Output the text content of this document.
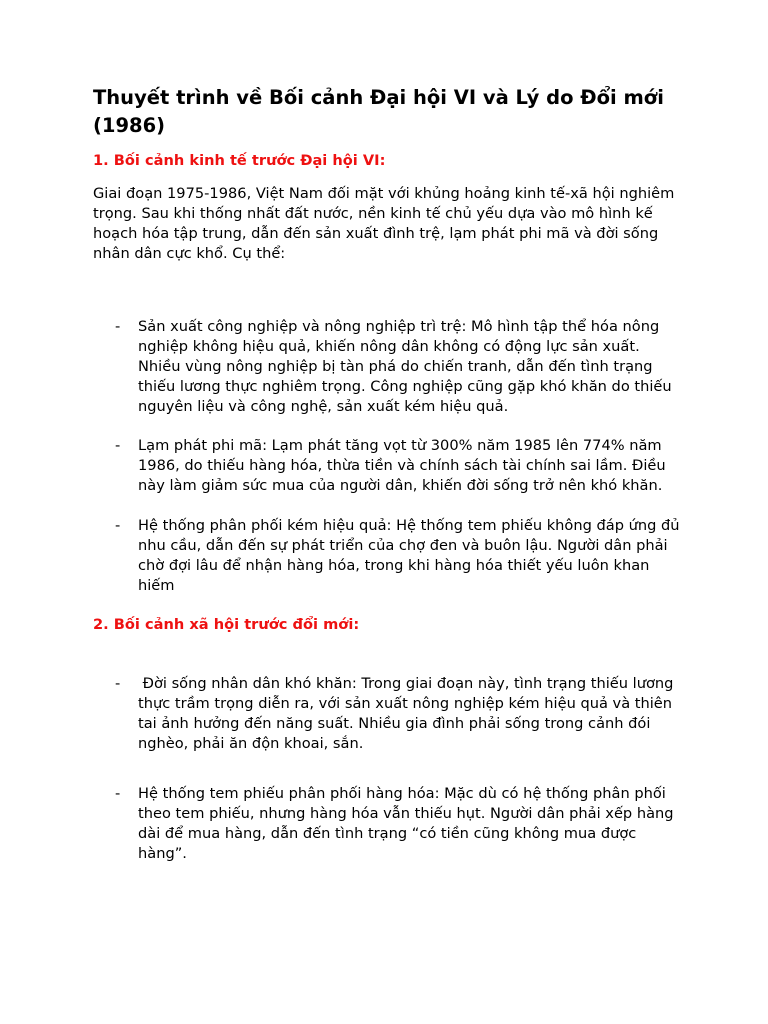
Thuyết trình về Bối cảnh Đại hội VI và Lý do Đổi mới (1986)
1. Bối cảnh kinh tế trước Đại hội VI:

Giai đoạn 1975-1986, Việt Nam đối mặt với khủng hoảng kinh tế-xã hội nghiêm trọng. Sau khi thống nhất đất nước, nền kinh tế chủ yếu dựa vào mô hình kế hoạch hóa tập trung, dẫn đến sản xuất đình trệ, lạm phát phi mã và đời sống nhân dân cực khổ. Cụ thể:

- Sản xuất công nghiệp và nông nghiệp trì trệ: Mô hình tập thể hóa nông nghiệp không hiệu quả, khiến nông dân không có động lực sản xuất. Nhiều vùng nông nghiệp bị tàn phá do chiến tranh, dẫn đến tình trạng thiếu lương thực nghiêm trọng. Công nghiệp cũng gặp khó khăn do thiếu nguyên liệu và công nghệ, sản xuất kém hiệu quả.
- Lạm phát phi mã: Lạm phát tăng vọt từ 300% năm 1985 lên 774% năm 1986, do thiếu hàng hóa, thừa tiền và chính sách tài chính sai lầm. Điều này làm giảm sức mua của người dân, khiến đời sống trở nên khó khăn.
- Hệ thống phân phối kém hiệu quả: Hệ thống tem phiếu không đáp ứng đủ nhu cầu, dẫn đến sự phát triển của chợ đen và buôn lậu. Người dân phải chờ đợi lâu để nhận hàng hóa, trong khi hàng hóa thiết yếu luôn khan hiếm
2. Bối cảnh xã hội trước đổi mới:
- Đời sống nhân dân khó khăn: Trong giai đoạn này, tình trạng thiếu lương thực trầm trọng diễn ra, với sản xuất nông nghiệp kém hiệu quả và thiên tai ảnh hưởng đến năng suất. Nhiều gia đình phải sống trong cảnh đói nghèo, phải ăn độn khoai, sắn.
- Hệ thống tem phiếu phân phối hàng hóa: Mặc dù có hệ thống phân phối theo tem phiếu, nhưng hàng hóa vẫn thiếu hụt. Người dân phải xếp hàng dài để mua hàng, dẫn đến tình trạng “có tiền cũng không mua được hàng”.
